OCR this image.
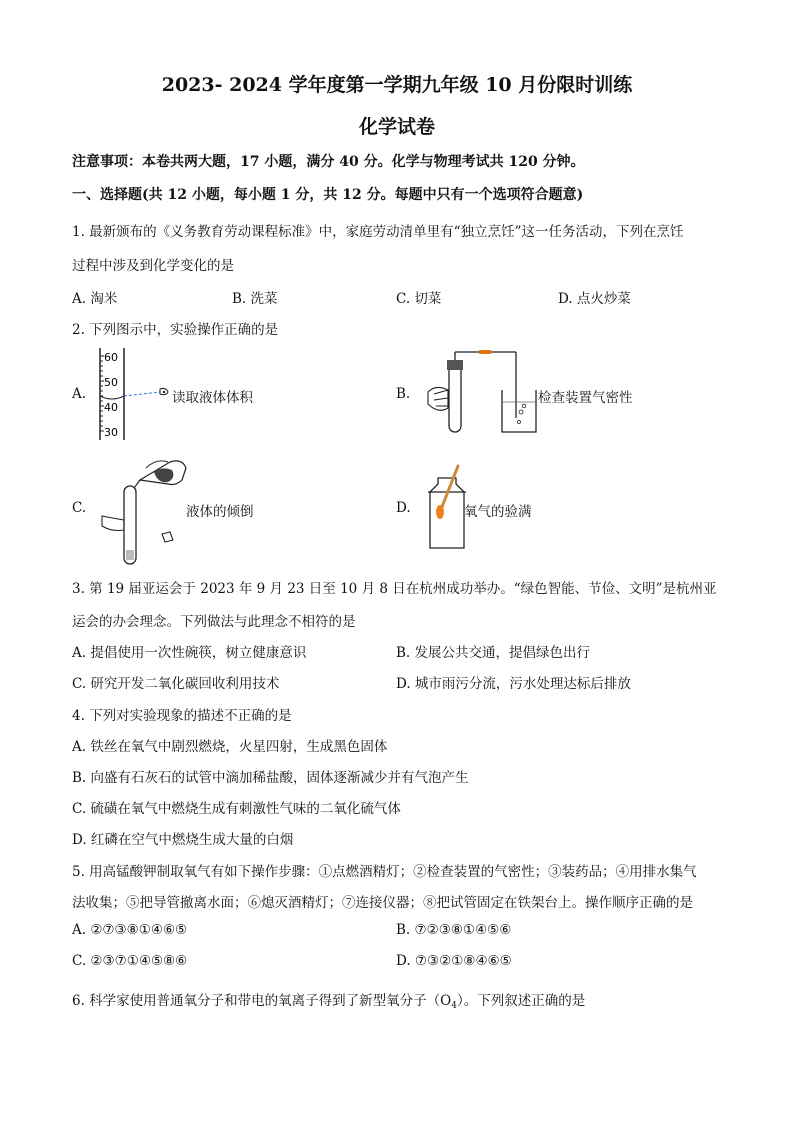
2023- 2024 学年度第一学期九年级 10 月份限时训练
化学试卷
注意事项：本卷共两大题，17 小题，满分 40 分。化学与物理考试共 120 分钟。
一、选择题(共 12 小题，每小题 1 分，共 12 分。每题中只有一个选项符合题意)
1. 最新颁布的《义务教育劳动课程标准》中，家庭劳动清单里有“独立烹饪”这一任务活动，下列在烹饪
过程中涉及到化学变化的是
A. 淘米	B. 洗菜	C. 切菜	D. 点火炒菜
2. 下列图示中，实验操作正确的是
A.
60
50
40
30
读取液体体积	B.	检查装置气密性
C.	液体的倾倒	D.	氧气的验满
3. 第 19 届亚运会于 2023 年 9 月 23 日至 10 月 8 日在杭州成功举办。“绿色智能、节俭、文明”是杭州亚
运会的办会理念。下列做法与此理念不相符的是
A. 提倡使用一次性碗筷，树立健康意识	B. 发展公共交通，提倡绿色出行
C. 研究开发二氧化碳回收利用技术	D. 城市雨污分流，污水处理达标后排放
4. 下列对实验现象的描述不正确的是
A. 铁丝在氧气中剧烈燃烧，火星四射，生成黑色固体
B. 向盛有石灰石的试管中滴加稀盐酸，固体逐渐减少并有气泡产生
C. 硫磺在氧气中燃烧生成有刺激性气味的二氧化硫气体
D. 红磷在空气中燃烧生成大量的白烟
5. 用高锰酸钾制取氧气有如下操作步骤：①点燃酒精灯；②检查装置的气密性；③装药品；④用排水集气
法收集；⑤把导管撤离水面；⑥熄灭酒精灯；⑦连接仪器；⑧把试管固定在铁架台上。操作顺序正确的是
A. ②⑦③⑧①④⑥⑤	B. ⑦②③⑧①④⑤⑥
C. ②③⑦①④⑤⑧⑥	D. ⑦③②①⑧④⑥⑤
6. 科学家使用普通氧分子和带电的氧离子得到了新型氧分子$(O_4)$。下列叙述正确的是
